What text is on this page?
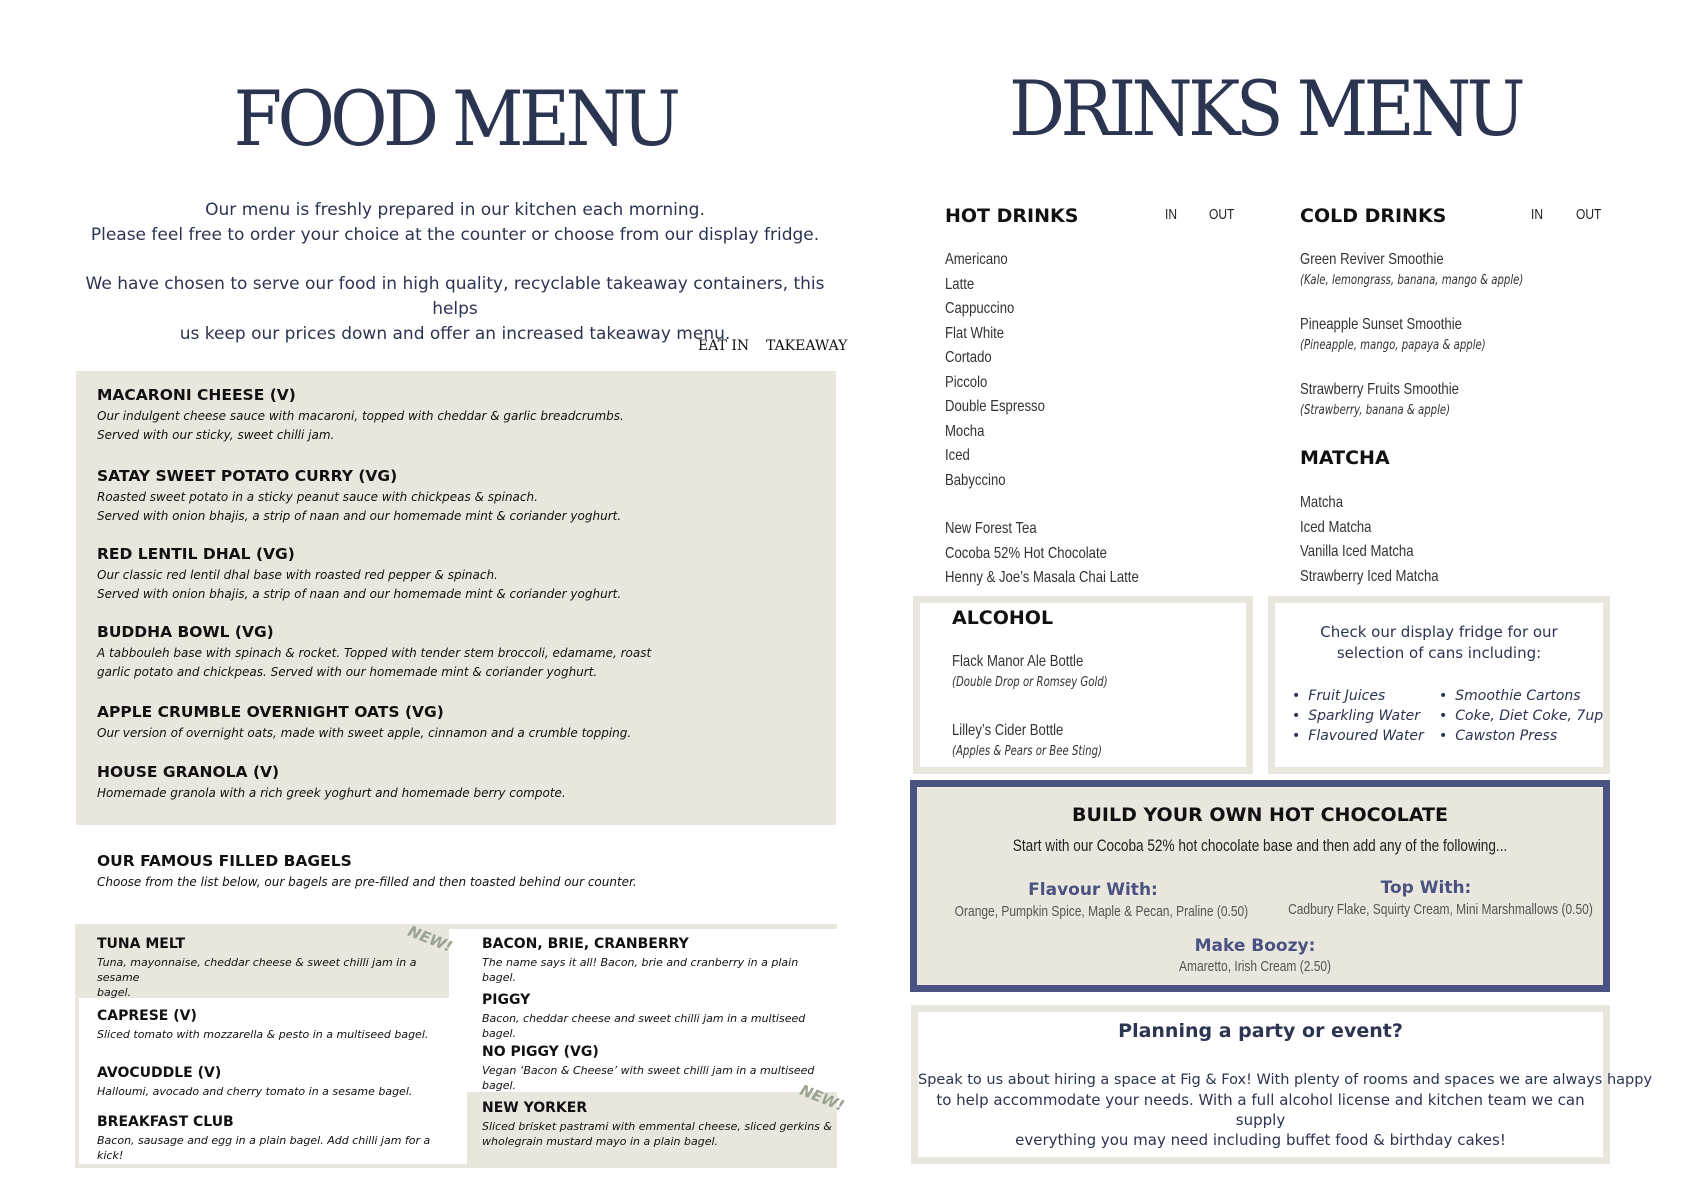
FOOD MENU
Our menu is freshly prepared in our kitchen each morning.
Please feel free to order your choice at the counter or choose from our display fridge.
We have chosen to serve our food in high quality, recyclable takeaway containers, this helps
us keep our prices down and offer an increased takeaway menu.
EAT IN TAKEAWAY
MACARONI CHEESE (V)
Our indulgent cheese sauce with macaroni, topped with cheddar & garlic breadcrumbs.
Served with our sticky, sweet chilli jam.
SATAY SWEET POTATO CURRY (VG)
Roasted sweet potato in a sticky peanut sauce with chickpeas & spinach.
Served with onion bhajis, a strip of naan and our homemade mint & coriander yoghurt.
RED LENTIL DHAL (VG)
Our classic red lentil dhal base with roasted red pepper & spinach.
Served with onion bhajis, a strip of naan and our homemade mint & coriander yoghurt.
BUDDHA BOWL (VG)
A tabbouleh base with spinach & rocket. Topped with tender stem broccoli, edamame, roast
garlic potato and chickpeas. Served with our homemade mint & coriander yoghurt.
APPLE CRUMBLE OVERNIGHT OATS (VG)
Our version of overnight oats, made with sweet apple, cinnamon and a crumble topping.
HOUSE GRANOLA (V)
Homemade granola with a rich greek yoghurt and homemade berry compote.
OUR FAMOUS FILLED BAGELS
Choose from the list below, our bagels are pre-filled and then toasted behind our counter.
TUNA MELT
Tuna, mayonnaise, cheddar cheese & sweet chilli jam in a sesame
bagel.
NEW!
CAPRESE (V)
Sliced tomato with mozzarella & pesto in a multiseed bagel.
AVOCUDDLE (V)
Halloumi, avocado and cherry tomato in a sesame bagel.
BREAKFAST CLUB
Bacon, sausage and egg in a plain bagel. Add chilli jam for a kick!
BACON, BRIE, CRANBERRY
The name says it all! Bacon, brie and cranberry in a plain bagel.
PIGGY
Bacon, cheddar cheese and sweet chilli jam in a multiseed bagel.
NO PIGGY (VG)
Vegan ‘Bacon & Cheese’ with sweet chilli jam in a multiseed bagel.
NEW YORKER
Sliced brisket pastrami with emmental cheese, sliced gerkins &
wholegrain mustard mayo in a plain bagel.
NEW!
DRINKS MENU
HOT DRINKS	IN OUT
Americano
Latte
Cappuccino
Flat White
Cortado
Piccolo
Double Espresso
Mocha
Iced
Babyccino
New Forest Tea
Cocoba 52% Hot Chocolate
Henny & Joe’s Masala Chai Latte
COLD DRINKS	IN OUT
Green Reviver Smoothie
(Kale, lemongrass, banana, mango & apple)
Pineapple Sunset Smoothie
(Pineapple, mango, papaya & apple)
Strawberry Fruits Smoothie
(Strawberry, banana & apple)
MATCHA
Matcha
Iced Matcha
Vanilla Iced Matcha
Strawberry Iced Matcha
ALCOHOL
Flack Manor Ale Bottle
(Double Drop or Romsey Gold)
Lilley’s Cider Bottle
(Apples & Pears or Bee Sting)
Check our display fridge for our
selection of cans including:
• Fruit Juices
• Sparkling Water
• Flavoured Water
• Smoothie Cartons
• Coke, Diet Coke, 7up
• Cawston Press
BUILD YOUR OWN HOT CHOCOLATE
Start with our Cocoba 52% hot chocolate base and then add any of the following...
Flavour With:
Orange, Pumpkin Spice, Maple & Pecan, Praline (0.50)
Top With:
Cadbury Flake, Squirty Cream, Mini Marshmallows (0.50)
Make Boozy:
Amaretto, Irish Cream (2.50)
Planning a party or event?
Speak to us about hiring a space at Fig & Fox! With plenty of rooms and spaces we are always happy
to help accommodate your needs. With a full alcohol license and kitchen team we can supply
everything you may need including buffet food & birthday cakes!
